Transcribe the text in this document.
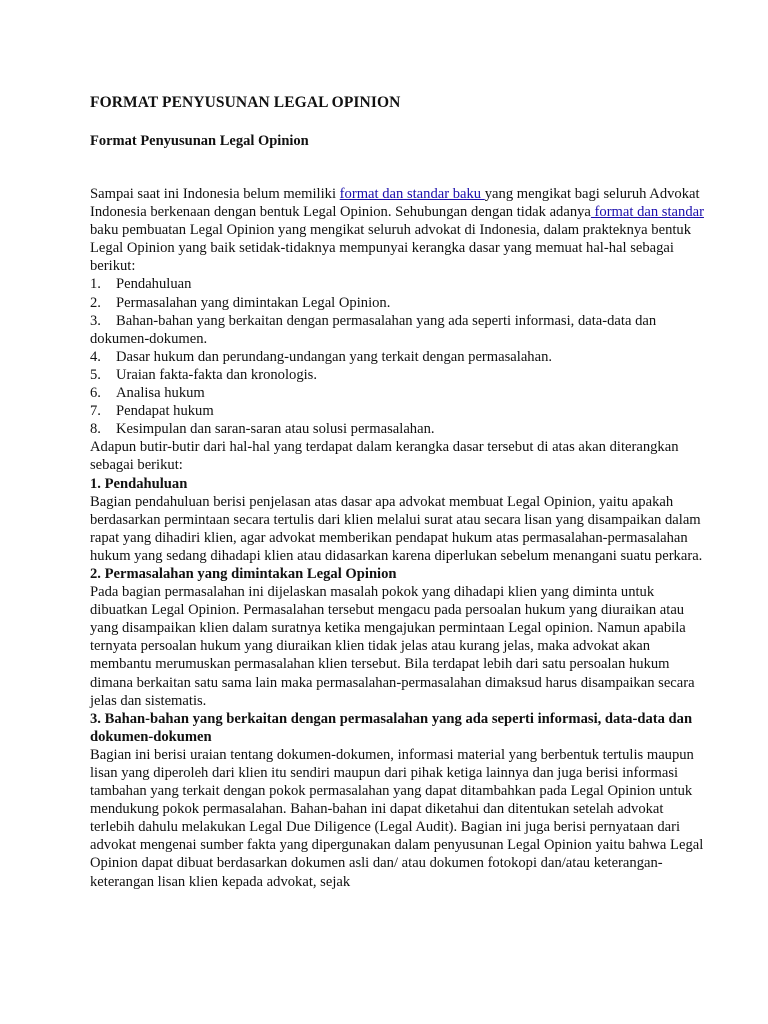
FORMAT PENYUSUNAN LEGAL OPINION
Format Penyusunan Legal Opinion

Sampai saat ini Indonesia belum memiliki format dan standar baku yang mengikat bagi seluruh Advokat Indonesia berkenaan dengan bentuk Legal Opinion. Sehubungan dengan tidak adanya format dan standar baku pembuatan Legal Opinion yang mengikat seluruh advokat di Indonesia, dalam prakteknya bentuk Legal Opinion yang baik setidak-tidaknya mempunyai kerangka dasar yang memuat hal-hal sebagai berikut:

1.	Pendahuluan
2.	Permasalahan yang dimintakan Legal Opinion.
3. Bahan-bahan yang berkaitan dengan permasalahan yang ada seperti informasi, data-data dan dokumen-dokumen.
4.	Dasar hukum dan perundang-undangan yang terkait dengan permasalahan.
5.	Uraian fakta-fakta dan kronologis.
6.	Analisa hukum
7.	Pendapat hukum
8.	Kesimpulan dan saran-saran atau solusi permasalahan.

Adapun butir-butir dari hal-hal yang terdapat dalam kerangka dasar tersebut di atas akan diterangkan sebagai berikut:

1. Pendahuluan

Bagian pendahuluan berisi penjelasan atas dasar apa advokat membuat Legal Opinion, yaitu apakah berdasarkan permintaan secara tertulis dari klien melalui surat atau secara lisan yang disampaikan dalam rapat yang dihadiri klien, agar advokat memberikan pendapat hukum atas permasalahan-permasalahan hukum yang sedang dihadapi klien atau didasarkan karena diperlukan sebelum menangani suatu perkara.

2. Permasalahan yang dimintakan Legal Opinion

Pada bagian permasalahan ini dijelaskan masalah pokok yang dihadapi klien yang diminta untuk dibuatkan Legal Opinion. Permasalahan tersebut mengacu pada persoalan hukum yang diuraikan atau yang disampaikan klien dalam suratnya ketika mengajukan permintaan Legal opinion. Namun apabila ternyata persoalan hukum yang diuraikan klien tidak jelas atau kurang jelas, maka advokat akan membantu merumuskan permasalahan klien tersebut. Bila terdapat lebih dari satu persoalan hukum dimana berkaitan satu sama lain maka permasalahan-permasalahan dimaksud harus disampaikan secara jelas dan sistematis.

3. Bahan-bahan yang berkaitan dengan permasalahan yang ada seperti informasi, data-data dan dokumen-dokumen

Bagian ini berisi uraian tentang dokumen-dokumen, informasi material yang berbentuk tertulis maupun lisan yang diperoleh dari klien itu sendiri maupun dari pihak ketiga lainnya dan juga berisi informasi tambahan yang terkait dengan pokok permasalahan yang dapat ditambahkan pada Legal Opinion untuk mendukung pokok permasalahan. Bahan-bahan ini dapat diketahui dan ditentukan setelah advokat terlebih dahulu melakukan Legal Due Diligence (Legal Audit). Bagian ini juga berisi pernyataan dari advokat mengenai sumber fakta yang dipergunakan dalam penyusunan Legal Opinion yaitu bahwa Legal Opinion dapat dibuat berdasarkan dokumen asli dan/ atau dokumen fotokopi dan/atau keterangan-keterangan lisan klien kepada advokat, sejak
